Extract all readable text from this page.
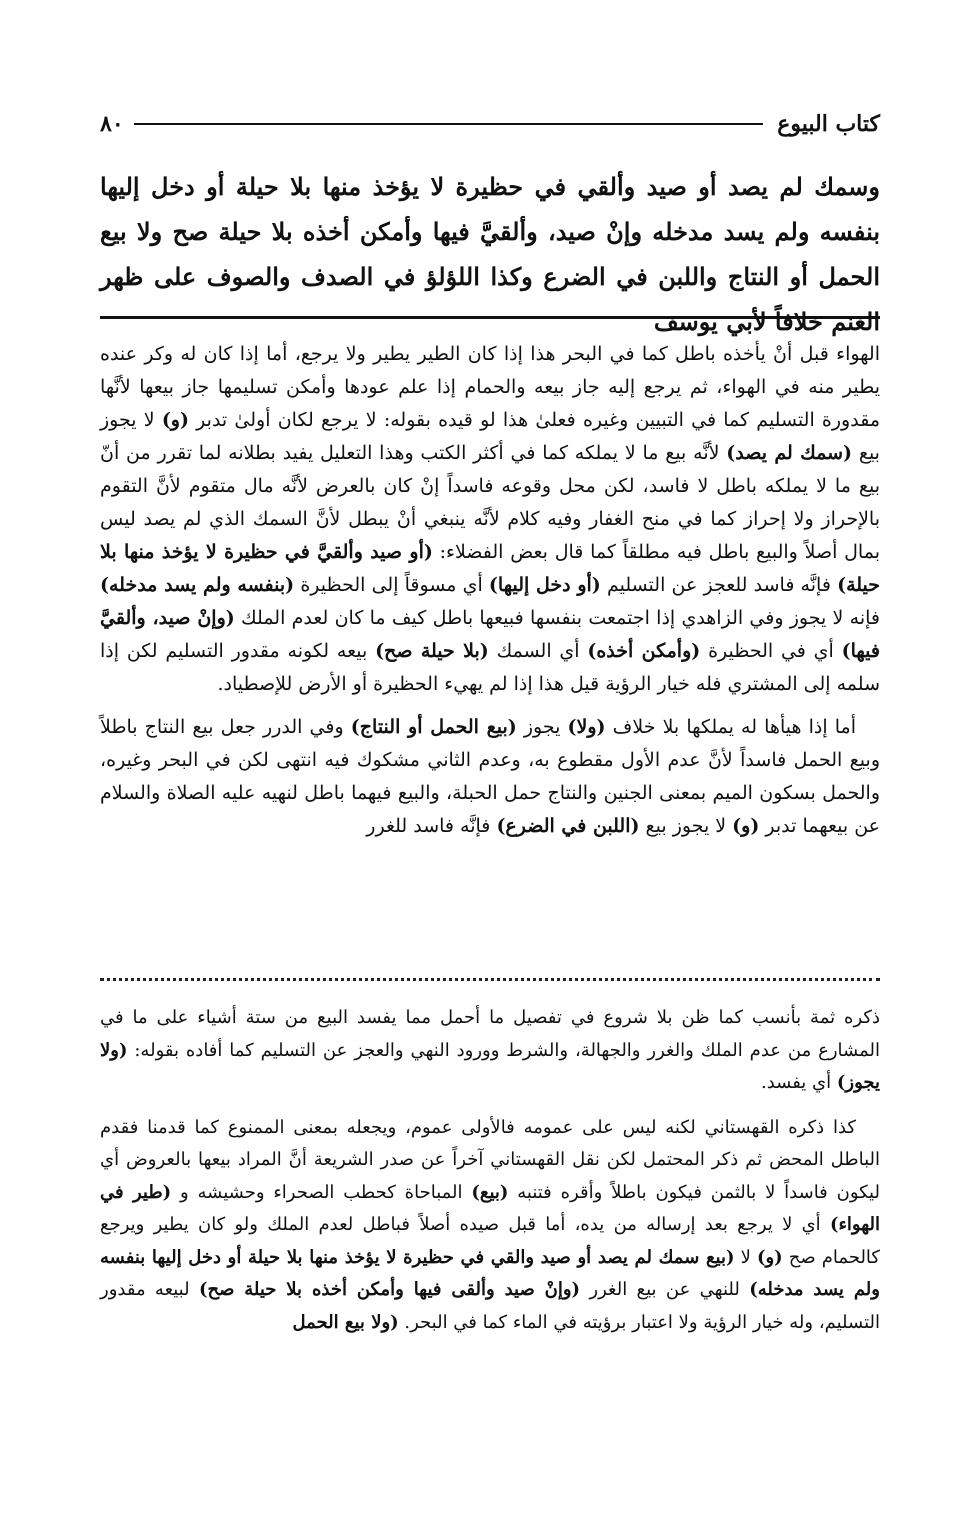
كتاب البيوع
٨٠
وسمك لم يصد أو صيد وألقي في حظيرة لا يؤخذ منها بلا حيلة أو دخل إليها بنفسه ولم يسد مدخله وإنْ صيد، وألقيَّ فيها وأمكن أخذه بلا حيلة صح ولا بيع الحمل أو النتاج واللبن في الضرع وكذا اللؤلؤ في الصدف والصوف على ظهر الغنم خلافاً لأبي يوسف

الهواء قبل أنْ يأخذه باطل كما في البحر هذا إذا كان الطير يطير ولا يرجع، أما إذا كان له وكر عنده يطير منه في الهواء، ثم يرجع إليه جاز بيعه والحمام إذا علم عودها وأمكن تسليمها جاز بيعها لأنَّها مقدورة التسليم كما في التبيين وغيره فعلىٰ هذا لو قيده بقوله: لا يرجع لكان أولىٰ تدبر (و) لا يجوز بيع (سمك لم يصد) لأنَّه بيع ما لا يملكه كما في أكثر الكتب وهذا التعليل يفيد بطلانه لما تقرر من أنّ بيع ما لا يملكه باطل لا فاسد، لكن محل وقوعه فاسداً إنْ كان بالعرض لأنَّه مال متقوم لأنَّ التقوم بالإحراز ولا إحراز كما في منح الغفار وفيه كلام لأنَّه ينبغي أنْ يبطل لأنَّ السمك الذي لم يصد ليس بمال أصلاً والبيع باطل فيه مطلقاً كما قال بعض الفضلاء: (أو صيد وألقيَّ في حظيرة لا يؤخذ منها بلا حيلة) فإنَّه فاسد للعجز عن التسليم (أو دخل إليها) أي مسوقاً إلى الحظيرة (بنفسه ولم يسد مدخله) فإنه لا يجوز وفي الزاهدي إذا اجتمعت بنفسها فبيعها باطل كيف ما كان لعدم الملك (وإنْ صيد، وألقيَّ فيها) أي في الحظيرة (وأمكن أخذه) أي السمك (بلا حيلة صح) بيعه لكونه مقدور التسليم لكن إذا سلمه إلى المشتري فله خيار الرؤية قيل هذا إذا لم يهيء الحظيرة أو الأرض للإصطياد.

أما إذا هيأها له يملكها بلا خلاف (ولا) يجوز (بيع الحمل أو النتاج) وفي الدرر جعل بيع النتاج باطلاً وبيع الحمل فاسداً لأنَّ عدم الأول مقطوع به، وعدم الثاني مشكوك فيه انتهى لكن في البحر وغيره، والحمل بسكون الميم بمعنى الجنين والنتاج حمل الحبلة، والبيع فيهما باطل لنهيه عليه الصلاة والسلام عن بيعهما تدبر (و) لا يجوز بيع (اللبن في الضرع) فإنَّه فاسد للغرر

ذكره ثمة بأنسب كما ظن بلا شروع في تفصيل ما أحمل مما يفسد البيع من ستة أشياء على ما في المشارع من عدم الملك والغرر والجهالة، والشرط وورود النهي والعجز عن التسليم كما أفاده بقوله: (ولا يجوز) أي يفسد.

كذا ذكره القهستاني لكنه ليس على عمومه فالأولى عموم، ويجعله بمعنى الممنوع كما قدمنا فقدم الباطل المحض ثم ذكر المحتمل لكن نقل القهستاني آخراً عن صدر الشريعة أنَّ المراد بيعها بالعروض أي ليكون فاسداً لا بالثمن فيكون باطلاً وأقره فتنبه (بيع) المباحاة كحطب الصحراء وحشيشه و (طير في الهواء) أي لا يرجع بعد إرساله من يده، أما قبل صيده أصلاً فباطل لعدم الملك ولو كان يطير ويرجع كالحمام صح (و) لا (بيع سمك لم يصد أو صيد والقي في حظيرة لا يؤخذ منها بلا حيلة أو دخل إليها بنفسه ولم يسد مدخله) للنهي عن بيع الغرر (وإنْ صيد وألقى فيها وأمكن أخذه بلا حيلة صح) لبيعه مقدور التسليم، وله خيار الرؤية ولا اعتبار برؤيته في الماء كما في البحر. (ولا بيع الحمل
